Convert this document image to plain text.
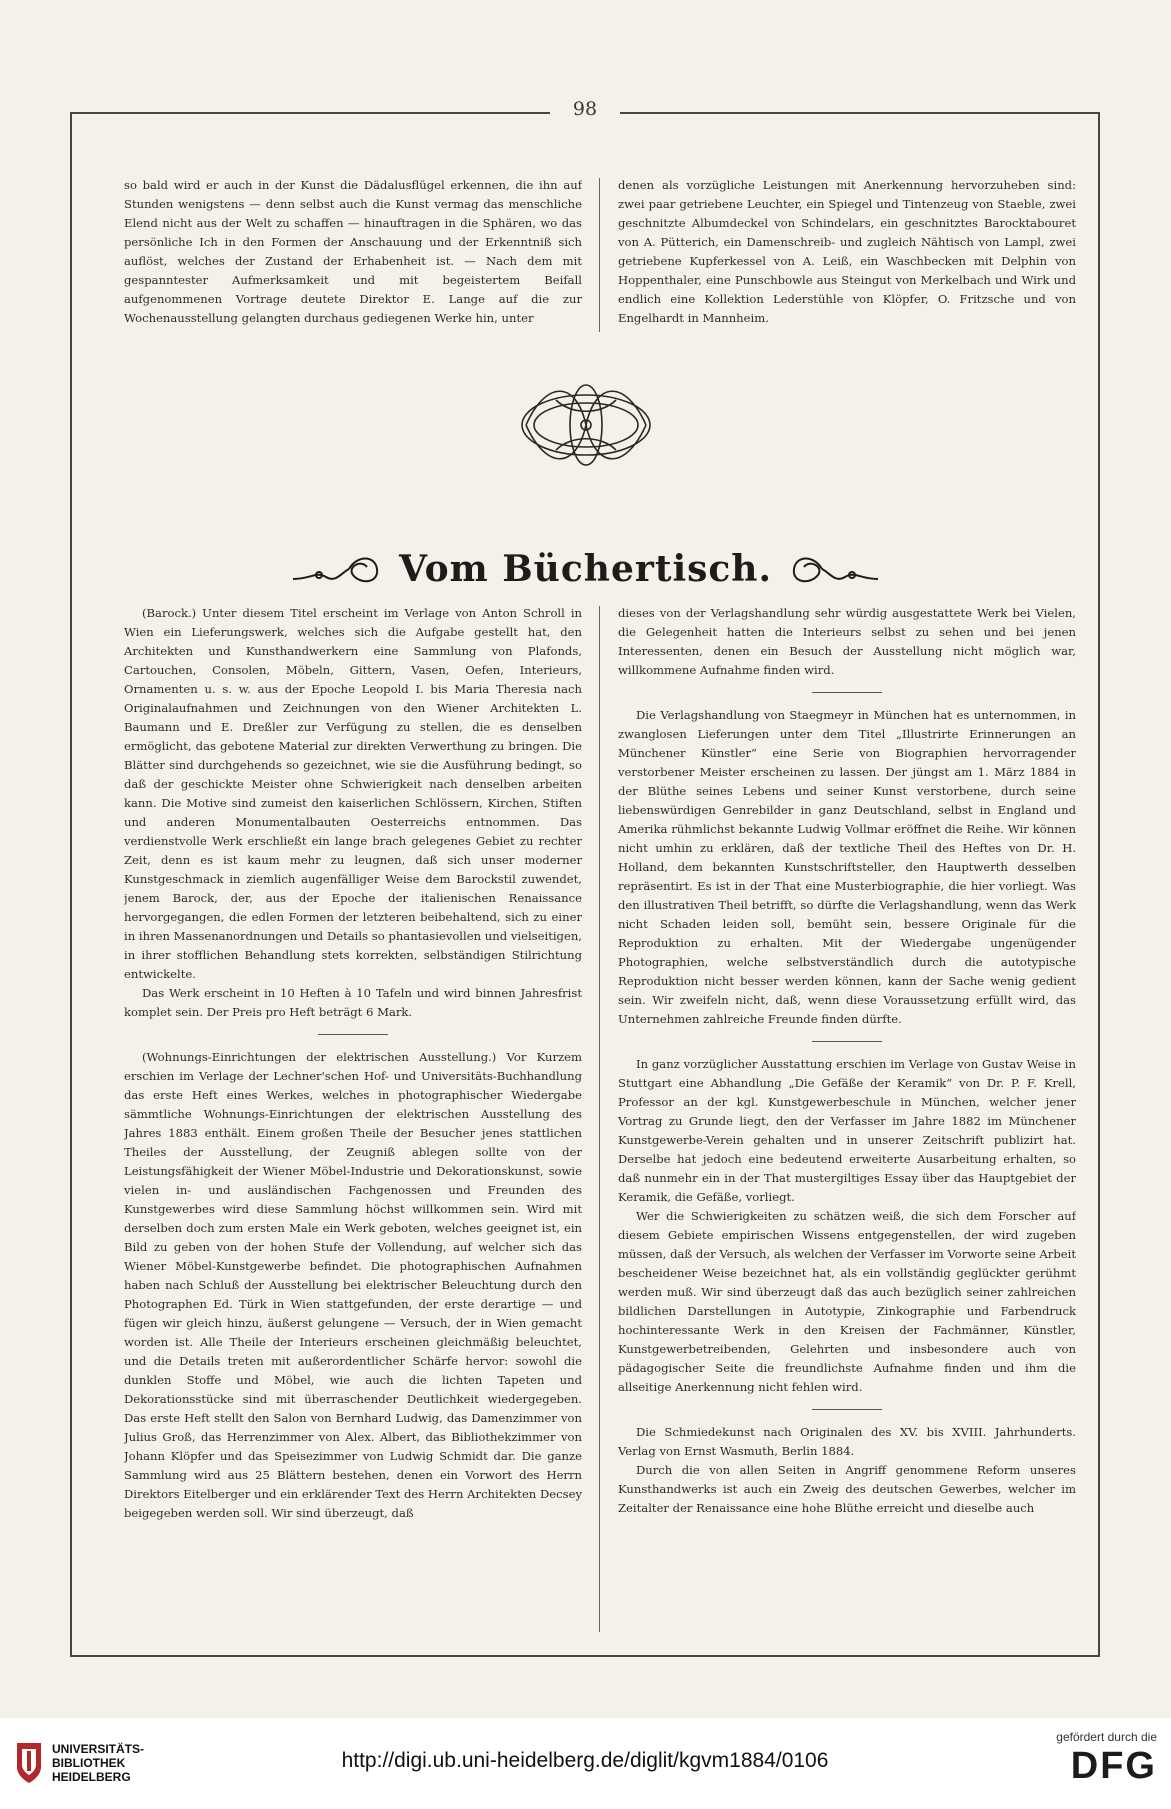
98

so bald wird er auch in der Kunst die Dädalusflügel erkennen, die ihn auf Stunden wenigstens — denn selbst auch die Kunst vermag das menschliche Elend nicht aus der Welt zu schaffen — hinauftragen in die Sphären, wo das persönliche Ich in den Formen der Anschauung und der Erkenntniß sich auflöst, welches der Zustand der Erhabenheit ist. — Nach dem mit gespanntester Aufmerksamkeit und mit begeistertem Beifall aufgenommenen Vortrage deutete Direktor E. Lange auf die zur Wochenausstellung gelangten durchaus gediegenen Werke hin, unter

denen als vorzügliche Leistungen mit Anerkennung hervorzuheben sind: zwei paar getriebene Leuchter, ein Spiegel und Tintenzeug von Staeble, zwei geschnitzte Albumdeckel von Schindelars, ein geschnitztes Barocktabouret von A. Pütterich, ein Damenschreib- und zugleich Nähtisch von Lampl, zwei getriebene Kupferkessel von A. Leiß, ein Waschbecken mit Delphin von Hoppenthaler, eine Punschbowle aus Steingut von Merkelbach und Wirk und endlich eine Kollektion Lederstühle von Klöpfer, O. Fritzsche und von Engelhardt in Mannheim.

Vom Büchertisch.

(Barock.) Unter diesem Titel erscheint im Verlage von Anton Schroll in Wien ein Lieferungswerk, welches sich die Aufgabe gestellt hat, den Architekten und Kunsthandwerkern eine Sammlung von Plafonds, Cartouchen, Consolen, Möbeln, Gittern, Vasen, Oefen, Interieurs, Ornamenten u. s. w. aus der Epoche Leopold I. bis Maria Theresia nach Originalaufnahmen und Zeichnungen von den Wiener Architekten L. Baumann und E. Dreßler zur Verfügung zu stellen, die es denselben ermöglicht, das gebotene Material zur direkten Verwerthung zu bringen. Die Blätter sind durchgehends so gezeichnet, wie sie die Ausführung bedingt, so daß der geschickte Meister ohne Schwierigkeit nach denselben arbeiten kann. Die Motive sind zumeist den kaiserlichen Schlössern, Kirchen, Stiften und anderen Monumentalbauten Oesterreichs entnommen. Das verdienstvolle Werk erschließt ein lange brach gelegenes Gebiet zu rechter Zeit, denn es ist kaum mehr zu leugnen, daß sich unser moderner Kunstgeschmack in ziemlich augenfälliger Weise dem Barockstil zuwendet, jenem Barock, der, aus der Epoche der italienischen Renaissance hervorgegangen, die edlen Formen der letzteren beibehaltend, sich zu einer in ihren Massenanordnungen und Details so phantasievollen und vielseitigen, in ihrer stofflichen Behandlung stets korrekten, selbständigen Stilrichtung entwickelte.

Das Werk erscheint in 10 Heften à 10 Tafeln und wird binnen Jahresfrist komplet sein. Der Preis pro Heft beträgt 6 Mark.

(Wohnungs-Einrichtungen der elektrischen Ausstellung.) Vor Kurzem erschien im Verlage der Lechner'schen Hof- und Universitäts-Buchhandlung das erste Heft eines Werkes, welches in photographischer Wiedergabe sämmtliche Wohnungs-Einrichtungen der elektrischen Ausstellung des Jahres 1883 enthält. Einem großen Theile der Besucher jenes stattlichen Theiles der Ausstellung, der Zeugniß ablegen sollte von der Leistungsfähigkeit der Wiener Möbel-Industrie und Dekorationskunst, sowie vielen in- und ausländischen Fachgenossen und Freunden des Kunstgewerbes wird diese Sammlung höchst willkommen sein. Wird mit derselben doch zum ersten Male ein Werk geboten, welches geeignet ist, ein Bild zu geben von der hohen Stufe der Vollendung, auf welcher sich das Wiener Möbel-Kunstgewerbe befindet. Die photographischen Aufnahmen haben nach Schluß der Ausstellung bei elektrischer Beleuchtung durch den Photographen Ed. Türk in Wien stattgefunden, der erste derartige — und fügen wir gleich hinzu, äußerst gelungene — Versuch, der in Wien gemacht worden ist. Alle Theile der Interieurs erscheinen gleichmäßig beleuchtet, und die Details treten mit außerordentlicher Schärfe hervor: sowohl die dunklen Stoffe und Möbel, wie auch die lichten Tapeten und Dekorationsstücke sind mit überraschender Deutlichkeit wiedergegeben. Das erste Heft stellt den Salon von Bernhard Ludwig, das Damenzimmer von Julius Groß, das Herrenzimmer von Alex. Albert, das Bibliothekzimmer von Johann Klöpfer und das Speisezimmer von Ludwig Schmidt dar. Die ganze Sammlung wird aus 25 Blättern bestehen, denen ein Vorwort des Herrn Direktors Eitelberger und ein erklärender Text des Herrn Architekten Decsey beigegeben werden soll. Wir sind überzeugt, daß

dieses von der Verlagshandlung sehr würdig ausgestattete Werk bei Vielen, die Gelegenheit hatten die Interieurs selbst zu sehen und bei jenen Interessenten, denen ein Besuch der Ausstellung nicht möglich war, willkommene Aufnahme finden wird.

Die Verlagshandlung von Staegmeyr in München hat es unternommen, in zwanglosen Lieferungen unter dem Titel „Illustrirte Erinnerungen an Münchener Künstler“ eine Serie von Biographien hervorragender verstorbener Meister erscheinen zu lassen. Der jüngst am 1. März 1884 in der Blüthe seines Lebens und seiner Kunst verstorbene, durch seine liebenswürdigen Genrebilder in ganz Deutschland, selbst in England und Amerika rühmlichst bekannte Ludwig Vollmar eröffnet die Reihe. Wir können nicht umhin zu erklären, daß der textliche Theil des Heftes von Dr. H. Holland, dem bekannten Kunstschriftsteller, den Hauptwerth desselben repräsentirt. Es ist in der That eine Musterbiographie, die hier vorliegt. Was den illustrativen Theil betrifft, so dürfte die Verlagshandlung, wenn das Werk nicht Schaden leiden soll, bemüht sein, bessere Originale für die Reproduktion zu erhalten. Mit der Wiedergabe ungenügender Photographien, welche selbstverständlich durch die autotypische Reproduktion nicht besser werden können, kann der Sache wenig gedient sein. Wir zweifeln nicht, daß, wenn diese Voraussetzung erfüllt wird, das Unternehmen zahlreiche Freunde finden dürfte.

In ganz vorzüglicher Ausstattung erschien im Verlage von Gustav Weise in Stuttgart eine Abhandlung „Die Gefäße der Keramik“ von Dr. P. F. Krell, Professor an der kgl. Kunstgewerbeschule in München, welcher jener Vortrag zu Grunde liegt, den der Verfasser im Jahre 1882 im Münchener Kunstgewerbe-Verein gehalten und in unserer Zeitschrift publizirt hat. Derselbe hat jedoch eine bedeutend erweiterte Ausarbeitung erhalten, so daß nunmehr ein in der That mustergiltiges Essay über das Hauptgebiet der Keramik, die Gefäße, vorliegt.

Wer die Schwierigkeiten zu schätzen weiß, die sich dem Forscher auf diesem Gebiete empirischen Wissens entgegenstellen, der wird zugeben müssen, daß der Versuch, als welchen der Verfasser im Vorworte seine Arbeit bescheidener Weise bezeichnet hat, als ein vollständig geglückter gerühmt werden muß. Wir sind überzeugt daß das auch bezüglich seiner zahlreichen bildlichen Darstellungen in Autotypie, Zinkographie und Farbendruck hochinteressante Werk in den Kreisen der Fachmänner, Künstler, Kunstgewerbetreibenden, Gelehrten und insbesondere auch von pädagogischer Seite die freundlichste Aufnahme finden und ihm die allseitige Anerkennung nicht fehlen wird.

Die Schmiedekunst nach Originalen des XV. bis XVIII. Jahrhunderts. Verlag von Ernst Wasmuth, Berlin 1884.

Durch die von allen Seiten in Angriff genommene Reform unseres Kunsthandwerks ist auch ein Zweig des deutschen Gewerbes, welcher im Zeitalter der Renaissance eine hohe Blüthe erreicht und dieselbe auch

UNIVERSITÄTS-
BIBLIOTHEK
HEIDELBERG
http://digi.ub.uni-heidelberg.de/diglit/kgvm1884/0106
gefördert durch die
DFG
